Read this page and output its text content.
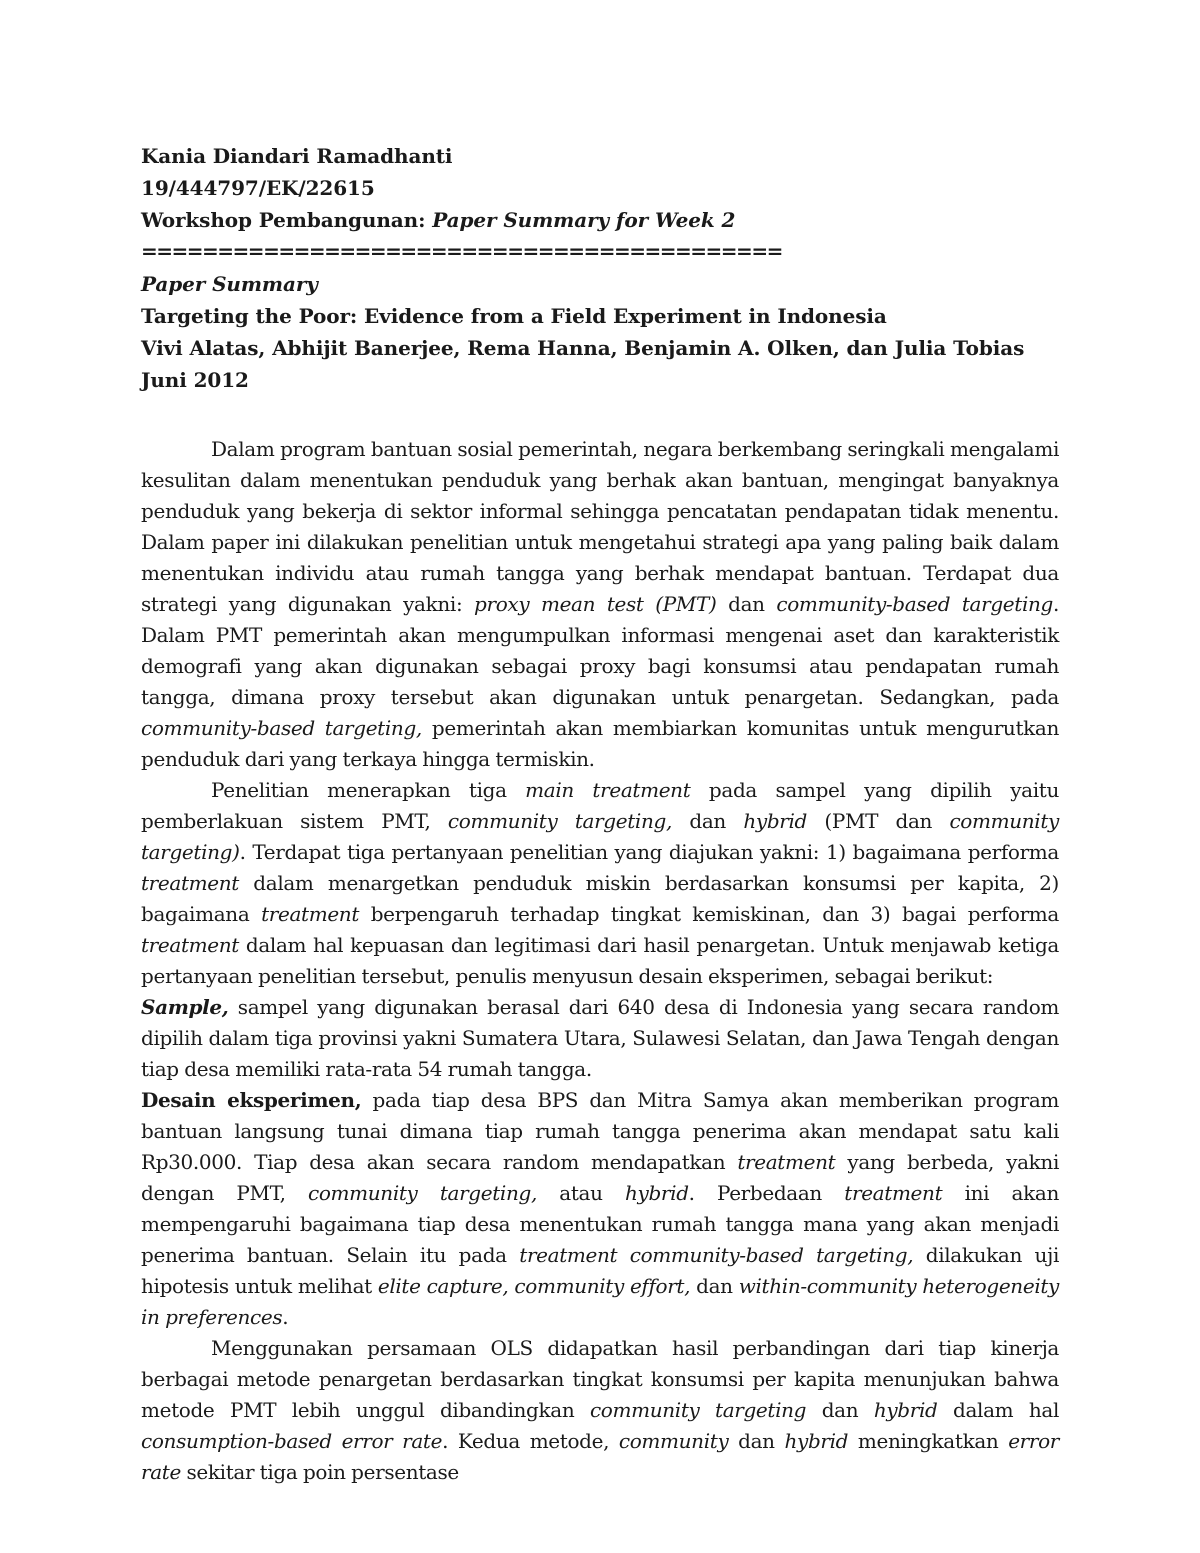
Kania Diandari Ramadhanti
19/444797/EK/22615
Workshop Pembangunan: Paper Summary for Week 2
==========================================
Paper Summary
Targeting the Poor: Evidence from a Field Experiment in Indonesia
Vivi Alatas, Abhijit Banerjee, Rema Hanna, Benjamin A. Olken, dan Julia Tobias
Juni 2012

Dalam program bantuan sosial pemerintah, negara berkembang seringkali mengalami kesulitan dalam menentukan penduduk yang berhak akan bantuan, mengingat banyaknya penduduk yang bekerja di sektor informal sehingga pencatatan pendapatan tidak menentu. Dalam paper ini dilakukan penelitian untuk mengetahui strategi apa yang paling baik dalam menentukan individu atau rumah tangga yang berhak mendapat bantuan. Terdapat dua strategi yang digunakan yakni: proxy mean test (PMT) dan community-based targeting. Dalam PMT pemerintah akan mengumpulkan informasi mengenai aset dan karakteristik demografi yang akan digunakan sebagai proxy bagi konsumsi atau pendapatan rumah tangga, dimana proxy tersebut akan digunakan untuk penargetan. Sedangkan, pada community-based targeting, pemerintah akan membiarkan komunitas untuk mengurutkan penduduk dari yang terkaya hingga termiskin.

Penelitian menerapkan tiga main treatment pada sampel yang dipilih yaitu pemberlakuan sistem PMT, community targeting, dan hybrid (PMT dan community targeting). Terdapat tiga pertanyaan penelitian yang diajukan yakni: 1) bagaimana performa treatment dalam menargetkan penduduk miskin berdasarkan konsumsi per kapita, 2) bagaimana treatment berpengaruh terhadap tingkat kemiskinan, dan 3) bagai performa treatment dalam hal kepuasan dan legitimasi dari hasil penargetan. Untuk menjawab ketiga pertanyaan penelitian tersebut, penulis menyusun desain eksperimen, sebagai berikut:

Sample, sampel yang digunakan berasal dari 640 desa di Indonesia yang secara random dipilih dalam tiga provinsi yakni Sumatera Utara, Sulawesi Selatan, dan Jawa Tengah dengan tiap desa memiliki rata-rata 54 rumah tangga.

Desain eksperimen, pada tiap desa BPS dan Mitra Samya akan memberikan program bantuan langsung tunai dimana tiap rumah tangga penerima akan mendapat satu kali Rp30.000. Tiap desa akan secara random mendapatkan treatment yang berbeda, yakni dengan PMT, community targeting, atau hybrid. Perbedaan treatment ini akan mempengaruhi bagaimana tiap desa menentukan rumah tangga mana yang akan menjadi penerima bantuan. Selain itu pada treatment community-based targeting, dilakukan uji hipotesis untuk melihat elite capture, community effort, dan within-community heterogeneity in preferences.

Menggunakan persamaan OLS didapatkan hasil perbandingan dari tiap kinerja berbagai metode penargetan berdasarkan tingkat konsumsi per kapita menunjukan bahwa metode PMT lebih unggul dibandingkan community targeting dan hybrid dalam hal consumption-based error rate. Kedua metode, community dan hybrid meningkatkan error rate sekitar tiga poin persentase
